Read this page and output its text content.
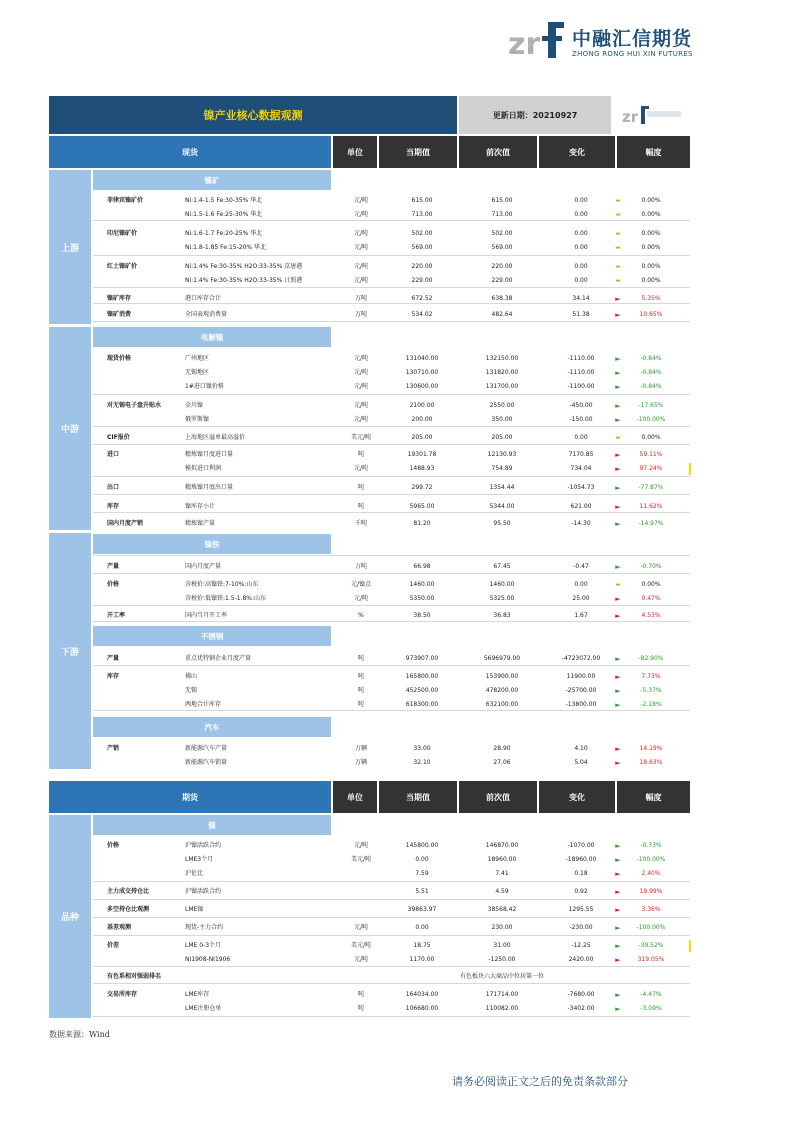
zr 中融汇信期货
ZHONG RONG HUI XIN FUTURES
镍产业核心数据观测	更新日期：20210927	zr
现货	单位	当期值	前次值	变化	幅度
上游
中游
下游
镍矿
电解镍
镍铁
不锈钢
汽车
菲律宾镍矿价	Ni:1.4-1.5 Fe:30-35% 华北	元/吨	615.00	615.00	0.00	▬	0.00%
Ni:1.5-1.6 Fe:25-30% 华北	元/吨	713.00	713.00	0.00	▬	0.00%
印尼镍矿价	Ni:1.6-1.7 Fe:20-25% 华北	元/吨	502.00	502.00	0.00	▬	0.00%
Ni:1.8-1.85 Fe:15-20% 华北	元/吨	569.00	569.00	0.00	▬	0.00%
红土镍矿价	Ni:1.4% Fe:30-35% H2O:33-35% 京唐港	元/吨	220.00	220.00	0.00	▬	0.00%
Ni:1.4% Fe:30-35% H2O:33-35% 日照港	元/吨	229.00	229.00	0.00	▬	0.00%
镍矿库存	港口库存合计	万吨	672.52	638.38	34.14	►	5.35%
镍矿消费	全国表观消费量	万吨	534.02	482.64	51.38	►	10.65%
现货价格	广州地区	元/吨	131040.00	132150.00	-1110.00	►	-0.84%
无锡地区	元/吨	130710.00	131820.00	-1110.00	►	-0.84%
1#进口镍价格	元/吨	130600.00	131700.00	-1100.00	►	-0.84%
对无锡电子盘升贴水	金川镍	元/吨	2100.00	2550.00	-450.00	►	-17.65%
俄罗斯镍	元/吨	200.00	350.00	-150.00	►	-100.00%
CIF报价	上海地区溢单最高溢价	美元/吨	205.00	205.00	0.00	▬	0.00%
进口	精炼镍月度进口量	吨	19301.78	12130.93	7170.85	►	59.11%
模拟进口利润	元/吨	1488.93	754.89	734.04	►	97.24%
出口	精炼镍月度出口量	吨	299.72	1354.44	-1054.73	►	-77.87%
库存	镍库存小计	吨	5965.00	5344.00	621.00	►	11.62%
国内月度产销	精炼镍产量	千吨	81.20	95.50	-14.30	►	-14.97%
产量	国内月度产量	万吨	66.98	67.45	-0.47	►	-0.70%
价格	含税价:高镍铁:7-10%:山东	元/镍点	1460.00	1460.00	0.00	▬	0.00%
含税价:低镍铁:1.5-1.8%:山东	元/吨	5350.00	5325.00	25.00	►	0.47%
开工率	国内当月开工率	%	38.50	36.83	1.67	►	4.53%
产量	重点优特钢企业月度产量	吨	973907.00	5696979.00	-4723072.00	►	-82.90%
库存	佛山	吨	165800.00	153900.00	11900.00	►	7.73%
无锡	吨	452500.00	478200.00	-25700.00	►	-5.37%
两地合计库存	吨	618300.00	632100.00	-13800.00	►	-2.18%
产销	新能源汽车产量	万辆	33.00	28.90	4.10	►	14.19%
新能源汽车销量	万辆	32.10	27.06	5.04	►	18.63%
期货	单位	当期值	前次值	变化	幅度
品种
镍
价格	沪镍活跃合约	元/吨	145800.00	146870.00	-1070.00	►	-0.73%
LME3个月	美元/吨	0.00	18960.00	-18960.00	►	-100.00%
沪伦比	7.59	7.41	0.18	►	2.40%
主力成交持仓比	沪镍活跃合约	5.51	4.59	0.92	►	19.99%
多空持仓比观测	LME镍	39863.97	38568.42	1295.55	►	3.36%
基差观测	现货-主力合约	元/吨	0.00	230.00	-230.00	►	-100.00%
价差	LME 0-3个月	美元/吨	18.75	31.00	-12.25	►	-39.52%
NI1908-NI1906	元/吨	1170.00	-1250.00	2420.00	►	319.05%
有色系相对强弱排名	有色板块六大商品中位居第一位
交易所库存	LME库存	吨	164034.00	171714.00	-7680.00	►	-4.47%
LME注册仓单	吨	106680.00	110082.00	-3402.00	►	-3.09%
数据来源：Wind
请务必阅读正文之后的免责条款部分
